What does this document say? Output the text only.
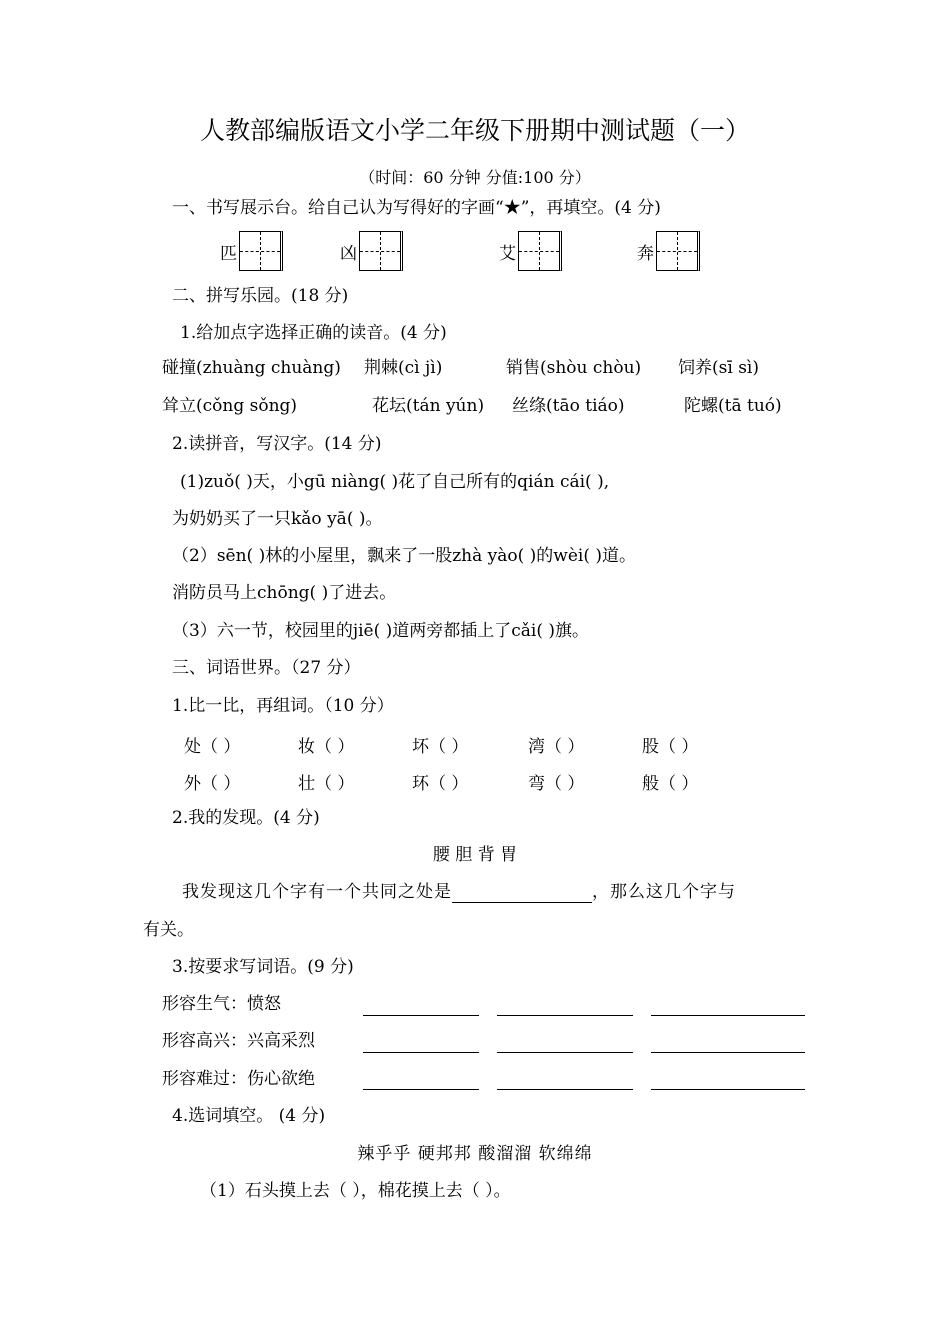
人教部编版语文小学二年级下册期中测试题（一）
（时间：60 分钟 分值:100 分）
一、书写展示台。给自己认为写得好的字画“★”，再填空。(4 分)
匹	凶	艾	奔
二、拼写乐园。(18 分)
1.给加点字选择正确的读音。(4 分)
碰撞(zhuàng chuàng) 荆棘(cì jì)	销售(shòu chòu) 饲养(sī sì)
耸立(cǒng sǒng)	花坛(tán yún) 丝绦(tāo tiáo)	陀螺(tā tuó)
2.读拼音，写汉字。(14 分)
(1)zuǒ( )天，小gū niàng( )花了自己所有的qián cái( ),
为奶奶买了一只kǎo yā( )。
（2）sēn( )林的小屋里，飘来了一股zhà yào( )的wèi( )道。
消防员马上chōng( )了进去。
（3）六一节，校园里的jiē( )道两旁都插上了cǎi( )旗。
三、词语世界。（27 分）
1.比一比，再组词。（10 分）
处（ ）	妆（ ）	坏（ ）	湾（ ）	股（ ）
外（ ）	壮（ ）	环（ ）	弯（ ）	般（ ）
2.我的发现。(4 分)
腰 胆 背 胃
我发现这几个字有一个共同之处是	，那么这几个字与
有关。
3.按要求写词语。(9 分)
形容生气：愤怒
形容高兴：兴高采烈
形容难过：伤心欲绝
4.选词填空。 (4 分)
辣乎乎 硬邦邦 酸溜溜 软绵绵
（1）石头摸上去（ ），棉花摸上去（ ）。
